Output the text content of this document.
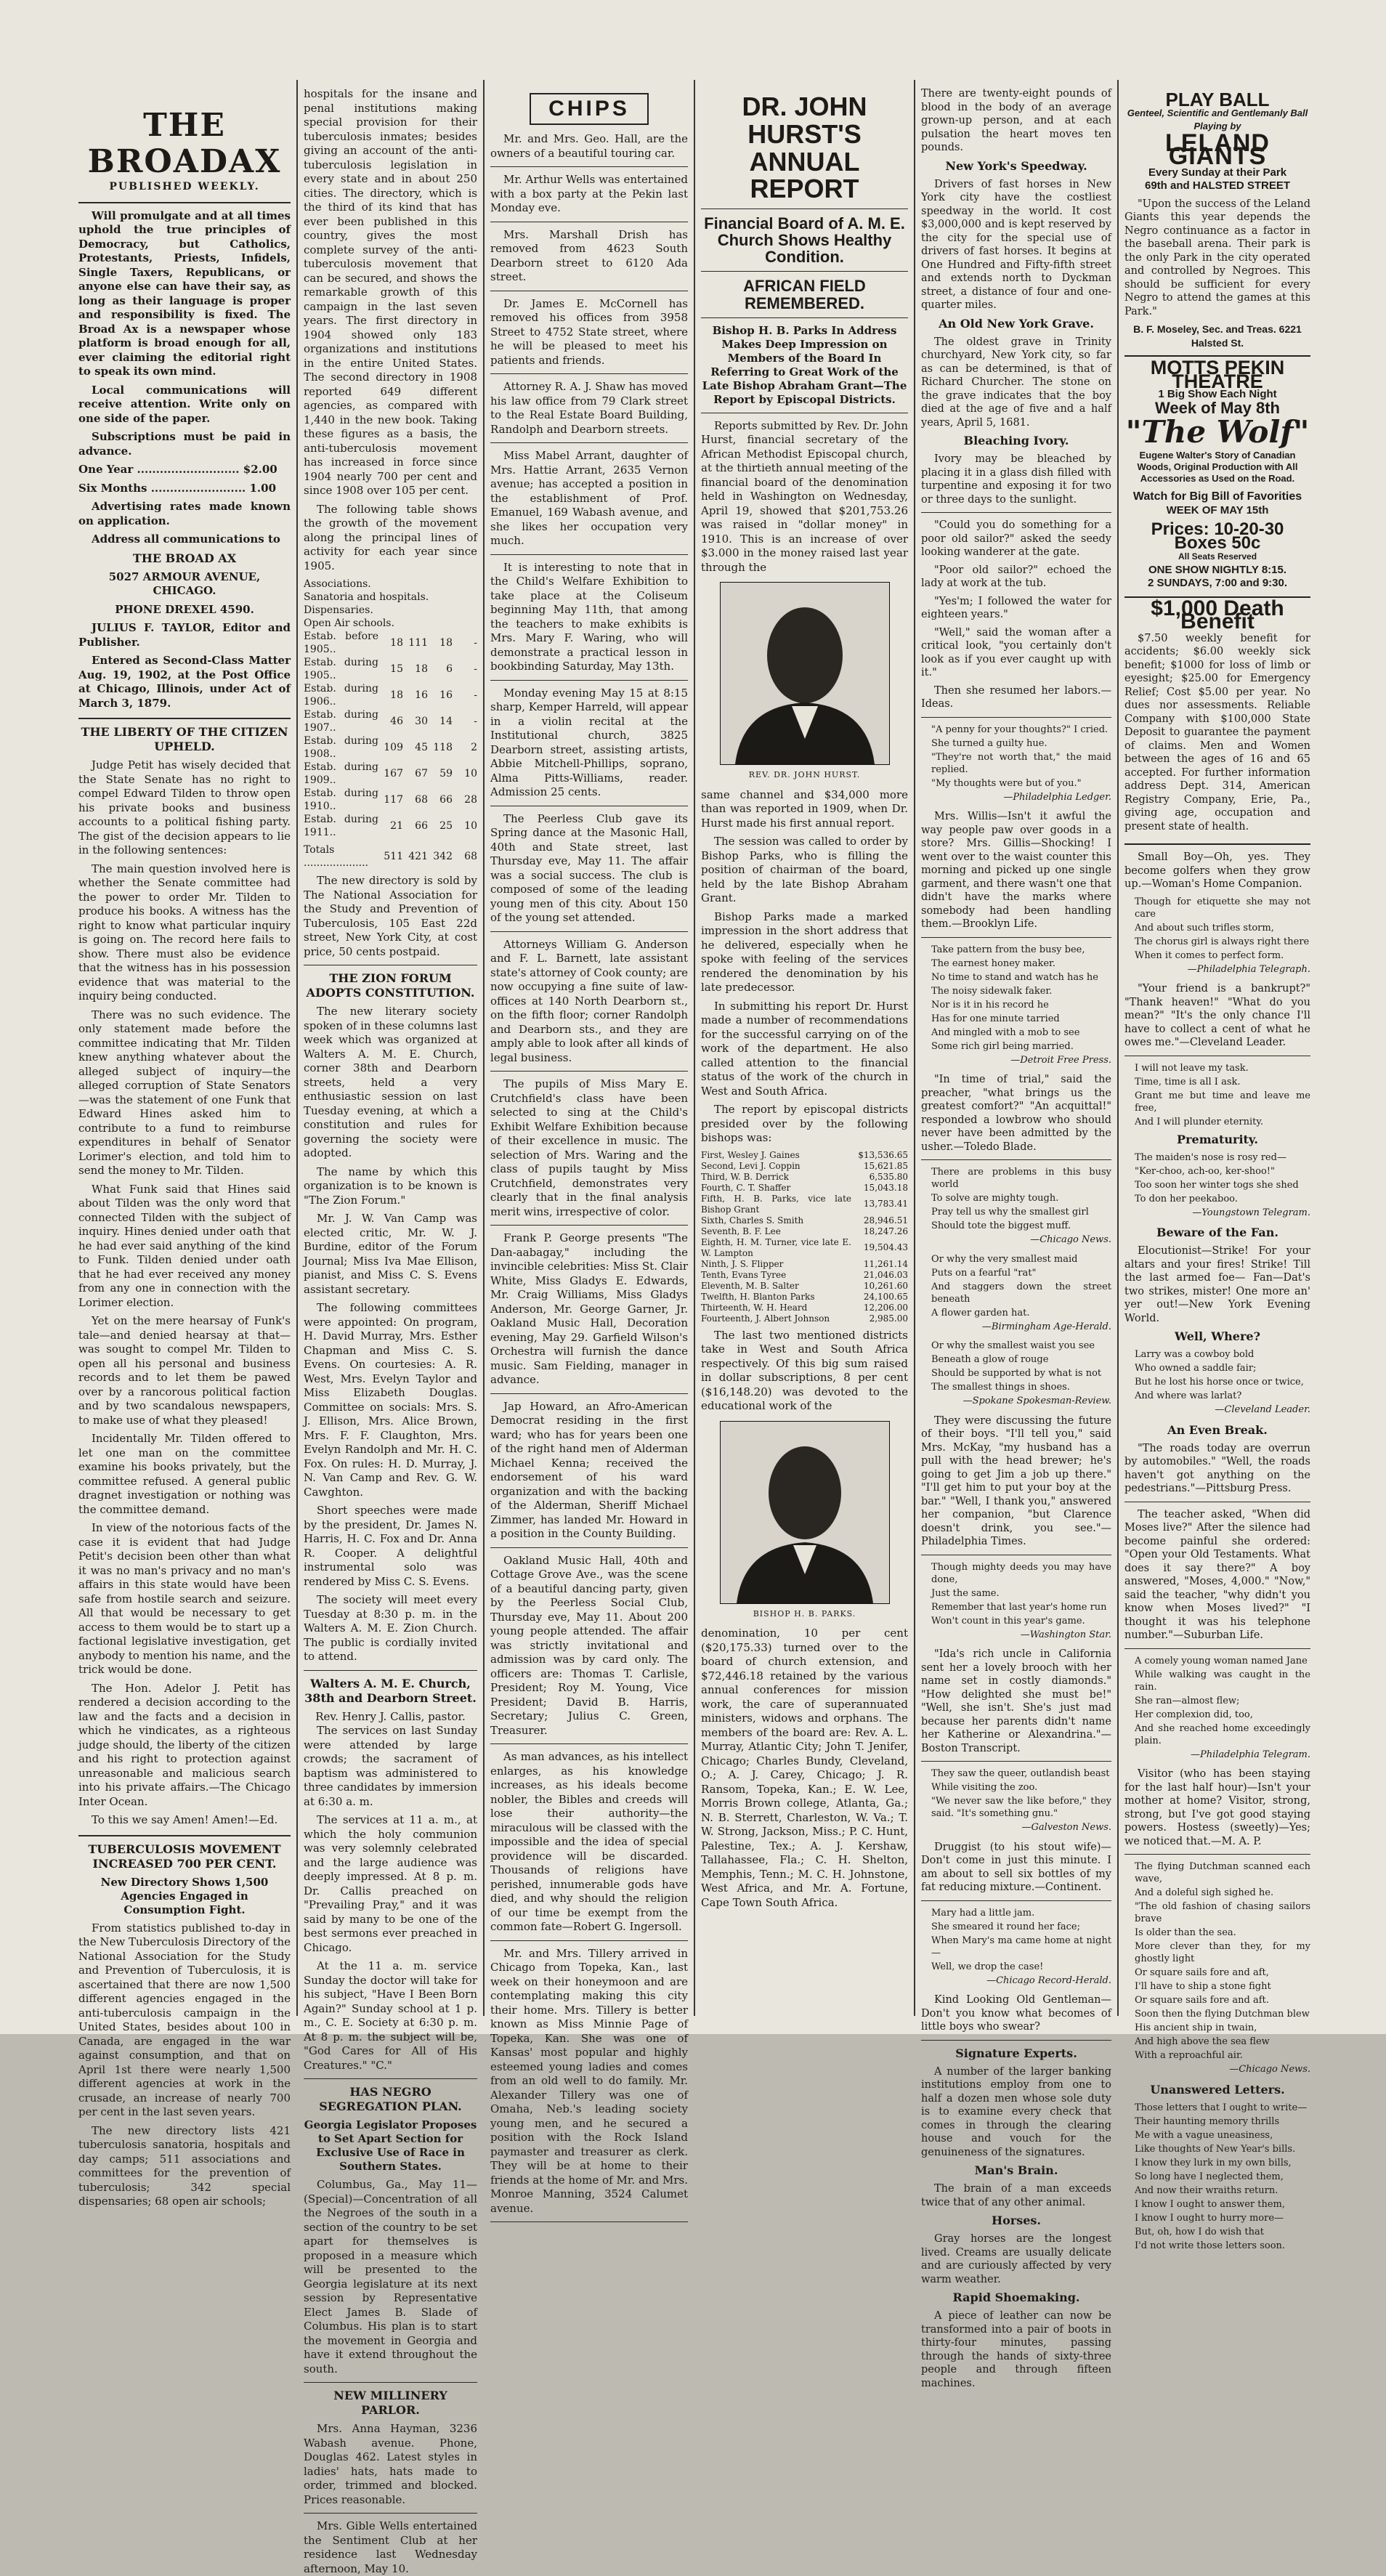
THE BROADAX
PUBLISHED WEEKLY.

Will promulgate and at all times uphold the true principles of Democracy, but Catholics, Protestants, Priests, Infidels, Single Taxers, Republicans, or anyone else can have their say, as long as their language is proper and responsibility is fixed. The Broad Ax is a newspaper whose platform is broad enough for all, ever claiming the editorial right to speak its own mind.

Local communications will receive attention. Write only on one side of the paper.

Subscriptions must be paid in advance.

One Year ........................... $2.00

Six Months ......................... 1.00

Advertising rates made known on application.

Address all communications to

THE BROAD AX
5027 ARMOUR AVENUE, CHICAGO.
PHONE DREXEL 4590.

JULIUS F. TAYLOR, Editor and Publisher.

Entered as Second-Class Matter Aug. 19, 1902, at the Post Office at Chicago, Illinois, under Act of March 3, 1879.

THE LIBERTY OF THE CITIZEN UPHELD.

Judge Petit has wisely decided that the State Senate has no right to compel Edward Tilden to throw open his private books and business accounts to a political fishing party. The gist of the decision appears to lie in the following sentences:

The main question involved here is whether the Senate committee had the power to order Mr. Tilden to produce his books. A witness has the right to know what particular inquiry is going on. The record here fails to show. There must also be evidence that the witness has in his possession evidence that was material to the inquiry being conducted.

There was no such evidence. The only statement made before the committee indicating that Mr. Tilden knew anything whatever about the alleged subject of inquiry—the alleged corruption of State Senators—was the statement of one Funk that Edward Hines asked him to contribute to a fund to reimburse expenditures in behalf of Senator Lorimer's election, and told him to send the money to Mr. Tilden.

What Funk said that Hines said about Tilden was the only word that connected Tilden with the subject of inquiry. Hines denied under oath that he had ever said anything of the kind to Funk. Tilden denied under oath that he had ever received any money from any one in connection with the Lorimer election.

Yet on the mere hearsay of Funk's tale—and denied hearsay at that—was sought to compel Mr. Tilden to open all his personal and business records and to let them be pawed over by a rancorous political faction and by two scandalous newspapers, to make use of what they pleased!

Incidentally Mr. Tilden offered to let one man on the committee examine his books privately, but the committee refused. A general public dragnet investigation or nothing was the committee demand.

In view of the notorious facts of the case it is evident that had Judge Petit's decision been other than what it was no man's privacy and no man's affairs in this state would have been safe from hostile search and seizure. All that would be necessary to get access to them would be to start up a factional legislative investigation, get anybody to mention his name, and the trick would be done.

The Hon. Adelor J. Petit has rendered a decision according to the law and the facts and a decision in which he vindicates, as a righteous judge should, the liberty of the citizen and his right to protection against unreasonable and malicious search into his private affairs.—The Chicago Inter Ocean.

To this we say Amen! Amen!—Ed.

TUBERCULOSIS MOVEMENT INCREASED 700 PER CENT.
New Directory Shows 1,500 Agencies Engaged in Consumption Fight.

From statistics published to-day in the New Tuberculosis Directory of the National Association for the Study and Prevention of Tuberculosis, it is ascertained that there are now 1,500 different agencies engaged in the anti-tuberculosis campaign in the United States, besides about 100 in Canada, are engaged in the war against consumption, and that on April 1st there were nearly 1,500 different agencies at work in the crusade, an increase of nearly 700 per cent in the last seven years.

The new directory lists 421 tuberculosis sanatoria, hospitals and day camps; 511 associations and committees for the prevention of tuberculosis; 342 special dispensaries; 68 open air schools;

hospitals for the insane and penal institutions making special provision for their tuberculosis inmates; besides giving an account of the anti-tuberculosis legislation in every state and in about 250 cities. The directory, which is the third of its kind that has ever been published in this country, gives the most complete survey of the anti-tuberculosis movement that can be secured, and shows the remarkable growth of this campaign in the last seven years. The first directory in 1904 showed only 183 organizations and institutions in the entire United States. The second directory in 1908 reported 649 different agencies, as compared with 1,440 in the new book. Taking these figures as a basis, the anti-tuberculosis movement has increased in force since 1904 nearly 700 per cent and since 1908 over 105 per cent.

The following table shows the growth of the movement along the principal lines of activity for each year since 1905.

Associations.
Sanatoria and hospitals.
Dispensaries.
Open Air schools.
Estab. before 1905..	18	111	18	-
Estab. during 1905..	15	18	6	-
Estab. during 1906..	18	16	16	-
Estab. during 1907..	46	30	14	-
Estab. during 1908..	109	45	118	2
Estab. during 1909..	167	67	59	10
Estab. during 1910..	117	68	66	28
Estab. during 1911..	21	66	25	10
Totals ....................	511	421	342	68

The new directory is sold by The National Association for the Study and Prevention of Tuberculosis, 105 East 22d street, New York City, at cost price, 50 cents postpaid.

THE ZION FORUM ADOPTS CONSTITUTION.

The new literary society spoken of in these columns last week which was organized at Walters A. M. E. Church, corner 38th and Dearborn streets, held a very enthusiastic session on last Tuesday evening, at which a constitution and rules for governing the society were adopted.

The name by which this organization is to be known is "The Zion Forum."

Mr. J. W. Van Camp was elected critic, Mr. W. J. Burdine, editor of the Forum Journal; Miss Iva Mae Ellison, pianist, and Miss C. S. Evens assistant secretary.

The following committees were appointed: On program, H. David Murray, Mrs. Esther Chapman and Miss C. S. Evens. On courtesies: A. R. West, Mrs. Evelyn Taylor and Miss Elizabeth Douglas. Committee on socials: Mrs. S. J. Ellison, Mrs. Alice Brown, Mrs. F. F. Claughton, Mrs. Evelyn Randolph and Mr. H. C. Fox. On rules: H. D. Murray, J. N. Van Camp and Rev. G. W. Cawghton.

Short speeches were made by the president, Dr. James N. Harris, H. C. Fox and Dr. Anna R. Cooper. A delightful instrumental solo was rendered by Miss C. S. Evens.

The society will meet every Tuesday at 8:30 p. m. in the Walters A. M. E. Zion Church. The public is cordially invited to attend.

Walters A. M. E. Church, 38th and Dearborn Street.
Rev. Henry J. Callis, pastor.

The services on last Sunday were attended by large crowds; the sacrament of baptism was administered to three candidates by immersion at 6:30 a. m.

The services at 11 a. m., at which the holy communion was very solemnly celebrated and the large audience was deeply impressed. At 8 p. m. Dr. Callis preached on "Prevailing Pray," and it was said by many to be one of the best sermons ever preached in Chicago.

At the 11 a. m. service Sunday the doctor will take for his subject, "Have I Been Born Again?" Sunday school at 1 p. m., C. E. Society at 6:30 p. m. At 8 p. m. the subject will be, "God Cares for All of His Creatures." "C."

HAS NEGRO SEGREGATION PLAN.
Georgia Legislator Proposes to Set Apart Section for Exclusive Use of Race in Southern States.

Columbus, Ga., May 11—(Special)—Concentration of all the Negroes of the south in a section of the country to be set apart for themselves is proposed in a measure which will be presented to the Georgia legislature at its next session by Representative Elect James B. Slade of Columbus. His plan is to start the movement in Georgia and have it extend throughout the south.

NEW MILLINERY PARLOR.

Mrs. Anna Hayman, 3236 Wabash avenue. Phone, Douglas 462. Latest styles in ladies' hats, hats made to order, trimmed and blocked. Prices reasonable.

Mrs. Gible Wells entertained the Sentiment Club at her residence last Wednesday afternoon, May 10.

CHIPS

Mr. and Mrs. Geo. Hall, are the owners of a beautiful touring car.

Mr. Arthur Wells was entertained with a box party at the Pekin last Monday eve.

Mrs. Marshall Drish has removed from 4623 South Dearborn street to 6120 Ada street.

Dr. James E. McCornell has removed his offices from 3958 Street to 4752 State street, where he will be pleased to meet his patients and friends.

Attorney R. A. J. Shaw has moved his law office from 79 Clark street to the Real Estate Board Building, Randolph and Dearborn streets.

Miss Mabel Arrant, daughter of Mrs. Hattie Arrant, 2635 Vernon avenue; has accepted a position in the establishment of Prof. Emanuel, 169 Wabash avenue, and she likes her occupation very much.

It is interesting to note that in the Child's Welfare Exhibition to take place at the Coliseum beginning May 11th, that among the teachers to make exhibits is Mrs. Mary F. Waring, who will demonstrate a practical lesson in bookbinding Saturday, May 13th.

Monday evening May 15 at 8:15 sharp, Kemper Harreld, will appear in a violin recital at the Institutional church, 3825 Dearborn street, assisting artists, Abbie Mitchell-Phillips, soprano, Alma Pitts-Williams, reader. Admission 25 cents.

The Peerless Club gave its Spring dance at the Masonic Hall, 40th and State street, last Thursday eve, May 11. The affair was a social success. The club is composed of some of the leading young men of this city. About 150 of the young set attended.

Attorneys William G. Anderson and F. L. Barnett, late assistant state's attorney of Cook county; are now occupying a fine suite of law-offices at 140 North Dearborn st., on the fifth floor; corner Randolph and Dearborn sts., and they are amply able to look after all kinds of legal business.

The pupils of Miss Mary E. Crutchfield's class have been selected to sing at the Child's Exhibit Welfare Exhibition because of their excellence in music. The selection of Mrs. Waring and the class of pupils taught by Miss Crutchfield, demonstrates very clearly that in the final analysis merit wins, irrespective of color.

Frank P. George presents "The Dan-aabagay," including the invincible celebrities: Miss St. Clair White, Miss Gladys E. Edwards, Mr. Craig Williams, Miss Gladys Anderson, Mr. George Garner, Jr. Oakland Music Hall, Decoration evening, May 29. Garfield Wilson's Orchestra will furnish the dance music. Sam Fielding, manager in advance.

Jap Howard, an Afro-American Democrat residing in the first ward; who has for years been one of the right hand men of Alderman Michael Kenna; received the endorsement of his ward organization and with the backing of the Alderman, Sheriff Michael Zimmer, has landed Mr. Howard in a position in the County Building.

Oakland Music Hall, 40th and Cottage Grove Ave., was the scene of a beautiful dancing party, given by the Peerless Social Club, Thursday eve, May 11. About 200 young people attended. The affair was strictly invitational and admission was by card only. The officers are: Thomas T. Carlisle, President; Roy M. Young, Vice President; David B. Harris, Secretary; Julius C. Green, Treasurer.

As man advances, as his intellect enlarges, as his knowledge increases, as his ideals become nobler, the Bibles and creeds will lose their authority—the miraculous will be classed with the impossible and the idea of special providence will be discarded. Thousands of religions have perished, innumerable gods have died, and why should the religion of our time be exempt from the common fate—Robert G. Ingersoll.

Mr. and Mrs. Tillery arrived in Chicago from Topeka, Kan., last week on their honeymoon and are contemplating making this city their home. Mrs. Tillery is better known as Miss Minnie Page of Topeka, Kan. She was one of Kansas' most popular and highly esteemed young ladies and comes from an old well to do family. Mr. Alexander Tillery was one of Omaha, Neb.'s leading society young men, and he secured a position with the Rock Island paymaster and treasurer as clerk. They will be at home to their friends at the home of Mr. and Mrs. Monroe Manning, 3524 Calumet avenue.

DR. JOHN HURST'S
ANNUAL REPORT
Financial Board of A. M. E. Church Shows Healthy Condition.
AFRICAN FIELD REMEMBERED.
Bishop H. B. Parks In Address Makes Deep Impression on Members of the Board In Referring to Great Work of the Late Bishop Abraham Grant—The Report by Episcopal Districts.

Reports submitted by Rev. Dr. John Hurst, financial secretary of the African Methodist Episcopal church, at the thirtieth annual meeting of the financial board of the denomination held in Washington on Wednesday, April 19, showed that $201,753.26 was raised in "dollar money" in 1910. This is an increase of over $3.000 in the money raised last year through the

REV. DR. JOHN HURST.

same channel and $34,000 more than was reported in 1909, when Dr. Hurst made his first annual report.

The session was called to order by Bishop Parks, who is filling the position of chairman of the board, held by the late Bishop Abraham Grant.

Bishop Parks made a marked impression in the short address that he delivered, especially when he spoke with feeling of the services rendered the denomination by his late predecessor.

In submitting his report Dr. Hurst made a number of recommendations for the successful carrying on of the work of the department. He also called attention to the financial status of the work of the church in West and South Africa.

The report by episcopal districts presided over by the following bishops was:

First, Wesley J. Gaines	$13,536.65
Second, Levi J. Coppin	15,621.85
Third, W. B. Derrick	6,535.80
Fourth, C. T. Shaffer	15,043.18
Fifth, H. B. Parks, vice late Bishop Grant	13,783.41
Sixth, Charles S. Smith	28,946.51
Seventh, B. F. Lee	18,247.26
Eighth, H. M. Turner, vice late E. W. Lampton	19,504.43
Ninth, J. S. Flipper	11,261.14
Tenth, Evans Tyree	21,046.03
Eleventh, M. B. Salter	10,261.60
Twelfth, H. Blanton Parks	24,100.65
Thirteenth, W. H. Heard	12,206.00
Fourteenth, J. Albert Johnson	2,985.00

The last two mentioned districts take in West and South Africa respectively. Of this big sum raised in dollar subscriptions, 8 per cent ($16,148.20) was devoted to the educational work of the

BISHOP H. B. PARKS.

denomination, 10 per cent ($20,175.33) turned over to the board of church extension, and $72,446.18 retained by the various annual conferences for mission work, the care of superannuated ministers, widows and orphans. The members of the board are: Rev. A. L. Murray, Atlantic City; John T. Jenifer, Chicago; Charles Bundy, Cleveland, O.; A. J. Carey, Chicago; J. R. Ransom, Topeka, Kan.; E. W. Lee, Morris Brown college, Atlanta, Ga.; N. B. Sterrett, Charleston, W. Va.; T. W. Strong, Jackson, Miss.; P. C. Hunt, Palestine, Tex.; A. J. Kershaw, Tallahassee, Fla.; C. H. Shelton, Memphis, Tenn.; M. C. H. Johnstone, West Africa, and Mr. A. Fortune, Cape Town South Africa.

There are twenty-eight pounds of blood in the body of an average grown-up person, and at each pulsation the heart moves ten pounds.

New York's Speedway.

Drivers of fast horses in New York city have the costliest speedway in the world. It cost $3,000,000 and is kept reserved by the city for the special use of drivers of fast horses. It begins at One Hundred and Fifty-fifth street and extends north to Dyckman street, a distance of four and one-quarter miles.

An Old New York Grave.

The oldest grave in Trinity churchyard, New York city, so far as can be determined, is that of Richard Churcher. The stone on the grave indicates that the boy died at the age of five and a half years, April 5, 1681.

Bleaching Ivory.

Ivory may be bleached by placing it in a glass dish filled with turpentine and exposing it for two or three days to the sunlight.

"Could you do something for a poor old sailor?" asked the seedy looking wanderer at the gate.

"Poor old sailor?" echoed the lady at work at the tub.

"Yes'm; I followed the water for eighteen years."

"Well," said the woman after a critical look, "you certainly don't look as if you ever caught up with it."

Then she resumed her labors.—Ideas.

"A penny for your thoughts?" I cried.

She turned a guilty hue.

"They're not worth that," the maid replied.

"My thoughts were but of you."

—Philadelphia Ledger.

Mrs. Willis—Isn't it awful the way people paw over goods in a store? Mrs. Gillis—Shocking! I went over to the waist counter this morning and picked up one single garment, and there wasn't one that didn't have the marks where somebody had been handling them.—Brooklyn Life.

Take pattern from the busy bee,

The earnest honey maker.

No time to stand and watch has he

The noisy sidewalk faker.

Nor is it in his record he

Has for one minute tarried

And mingled with a mob to see

Some rich girl being married.

—Detroit Free Press.

"In time of trial," said the preacher, "what brings us the greatest comfort?" "An acquittal!" responded a lowbrow who should never have been admitted by the usher.—Toledo Blade.

There are problems in this busy world

To solve are mighty tough.

Pray tell us why the smallest girl

Should tote the biggest muff.

—Chicago News.

Or why the very smallest maid

Puts on a fearful "rat"

And staggers down the street beneath

A flower garden hat.

—Birmingham Age-Herald.

Or why the smallest waist you see

Beneath a glow of rouge

Should be supported by what is not

The smallest things in shoes.

—Spokane Spokesman-Review.

They were discussing the future of their boys. "I'll tell you," said Mrs. McKay, "my husband has a pull with the head brewer; he's going to get Jim a job up there." "I'll get him to put your boy at the bar." "Well, I thank you," answered her companion, "but Clarence doesn't drink, you see."—Philadelphia Times.

Though mighty deeds you may have done,

Just the same.

Remember that last year's home run

Won't count in this year's game.

—Washington Star.

"Ida's rich uncle in California sent her a lovely brooch with her name set in costly diamonds." "How delighted she must be!" "Well, she isn't. She's just mad because her parents didn't name her Katherine or Alexandrina."—Boston Transcript.

They saw the queer, outlandish beast

While visiting the zoo.

"We never saw the like before," they said. "It's something gnu."

—Galveston News.

Druggist (to his stout wife)—Don't come in just this minute. I am about to sell six bottles of my fat reducing mixture.—Continent.

Mary had a little jam.

She smeared it round her face;

When Mary's ma came home at night—

Well, we drop the case!

—Chicago Record-Herald.

Kind Looking Old Gentleman—Don't you know what becomes of little boys who swear?

Signature Experts.

A number of the larger banking institutions employ from one to half a dozen men whose sole duty is to examine every check that comes in through the clearing house and vouch for the genuineness of the signatures.

Man's Brain.

The brain of a man exceeds twice that of any other animal.

Horses.

Gray horses are the longest lived. Creams are usually delicate and are curiously affected by very warm weather.

Rapid Shoemaking.

A piece of leather can now be transformed into a pair of boots in thirty-four minutes, passing through the hands of sixty-three people and through fifteen machines.

PLAY BALL
Genteel, Scientific and Gentlemanly Ball Playing by
LELAND GIANTS
Every Sunday at their Park
69th and HALSTED STREET

"Upon the success of the Leland Giants this year depends the Negro continuance as a factor in the baseball arena. Their park is the only Park in the city operated and controlled by Negroes. This should be sufficient for every Negro to attend the games at this Park."

B. F. Moseley, Sec. and Treas. 6221 Halsted St.
MOTTS PEKIN THEATRE
1 Big Show Each Night
Week of May 8th
"The Wolf"
Eugene Walter's Story of Canadian Woods, Original Production with All Accessories as Used on the Road.
Watch for Big Bill of Favorities
WEEK OF MAY 15th
Prices: 10-20-30 Boxes 50c
All Seats Reserved
ONE SHOW NIGHTLY 8:15.
2 SUNDAYS, 7:00 and 9:30.
$1,000 Death Benefit

$7.50 weekly benefit for accidents; $6.00 weekly sick benefit; $1000 for loss of limb or eyesight; $25.00 for Emergency Relief; Cost $5.00 per year. No dues nor assessments. Reliable Company with $100,000 State Deposit to guarantee the payment of claims. Men and Women between the ages of 16 and 65 accepted. For further information address Dept. 314, American Registry Company, Erie, Pa., giving age, occupation and present state of health.

Small Boy—Oh, yes. They become golfers when they grow up.—Woman's Home Companion.

Though for etiquette she may not care

And about such trifles storm,

The chorus girl is always right there

When it comes to perfect form.

—Philadelphia Telegraph.

"Your friend is a bankrupt?" "Thank heaven!" "What do you mean?" "It's the only chance I'll have to collect a cent of what he owes me."—Cleveland Leader.

I will not leave my task.

Time, time is all I ask.

Grant me but time and leave me free,

And I will plunder eternity.

Prematurity.

The maiden's nose is rosy red—

"Ker-choo, ach-oo, ker-shoo!"

Too soon her winter togs she shed

To don her peekaboo.

—Youngstown Telegram.
Beware of the Fan.

Elocutionist—Strike! For your altars and your fires! Strike! Till the last armed foe— Fan—Dat's two strikes, mister! One more an' yer out!—New York Evening World.

Well, Where?

Larry was a cowboy bold

Who owned a saddle fair;

But he lost his horse once or twice,

And where was larlat?

—Cleveland Leader.
An Even Break.

"The roads today are overrun by automobiles." "Well, the roads haven't got anything on the pedestrians."—Pittsburg Press.

The teacher asked, "When did Moses live?" After the silence had become painful she ordered: "Open your Old Testaments. What does it say there?" A boy answered, "Moses, 4,000." "Now," said the teacher, "why didn't you know when Moses lived?" "I thought it was his telephone number."—Suburban Life.

A comely young woman named Jane

While walking was caught in the rain.

She ran—almost flew;

Her complexion did, too,

And she reached home exceedingly plain.

—Philadelphia Telegram.

Visitor (who has been staying for the last half hour)—Isn't your mother at home? Visitor, strong, strong, but I've got good staying powers. Hostess (sweetly)—Yes; we noticed that.—M. A. P.

The flying Dutchman scanned each wave,

And a doleful sigh sighed he.

"The old fashion of chasing sailors brave

Is older than the sea.

More clever than they, for my ghostly light

Or square sails fore and aft,

I'll have to ship a stone fight

Or square sails fore and aft.

Soon then the flying Dutchman blew

His ancient ship in twain,

And high above the sea flew

With a reproachful air.

—Chicago News.
Unanswered Letters.

Those letters that I ought to write—

Their haunting memory thrills

Me with a vague uneasiness,

Like thoughts of New Year's bills.

I know they lurk in my own bills,

So long have I neglected them,

And now their wraiths return.

I know I ought to answer them,

I know I ought to hurry more—

But, oh, how I do wish that

I'd not write those letters soon.
